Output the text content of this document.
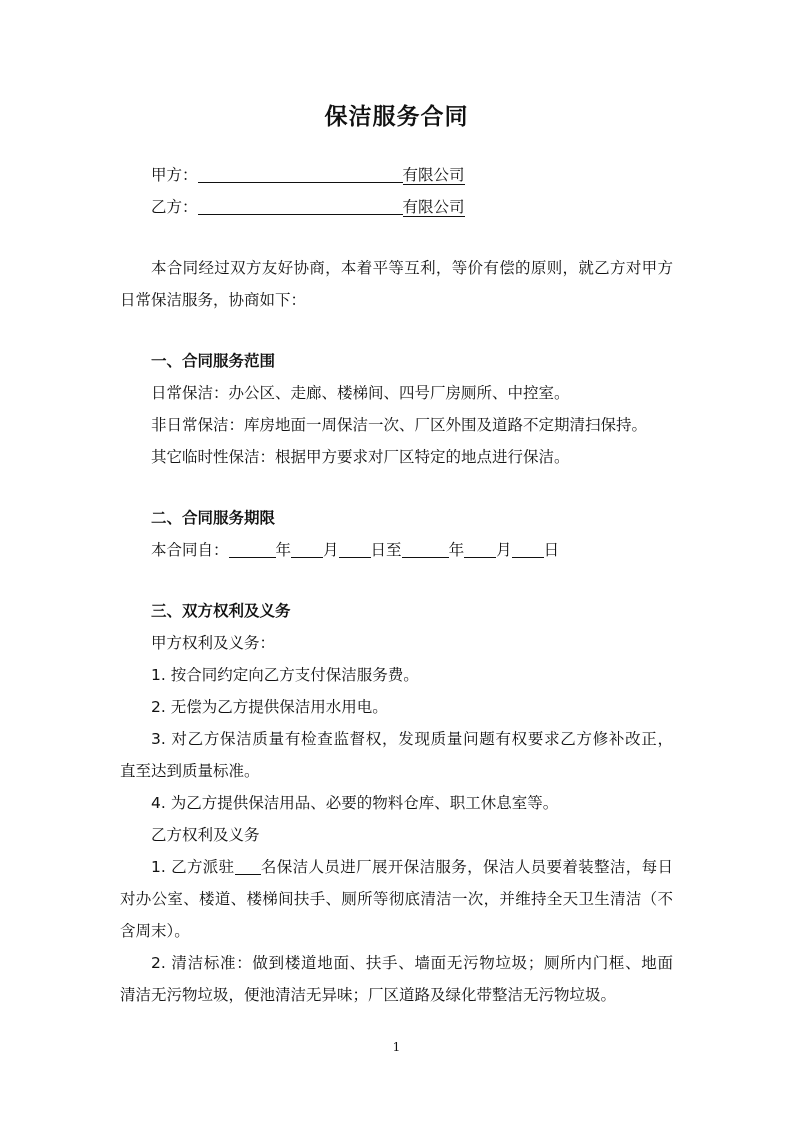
保洁服务合同
甲方：	有限公司
乙方：	有限公司
本合同经过双方友好协商，本着平等互利，等价有偿的原则，就乙方对甲方
日常保洁服务，协商如下：
一、合同服务范围
日常保洁：办公区、走廊、楼梯间、四号厂房厕所、中控室。
非日常保洁：库房地面一周保洁一次、厂区外围及道路不定期清扫保持。
其它临时性保洁：根据甲方要求对厂区特定的地点进行保洁。
二、合同服务期限
本合同自：	年 月 日至	年 月 日
三、双方权利及义务
甲方权利及义务：
1. 按合同约定向乙方支付保洁服务费。
2. 无偿为乙方提供保洁用水用电。
3. 对乙方保洁质量有检查监督权，发现质量问题有权要求乙方修补改正，
直至达到质量标准。
4. 为乙方提供保洁用品、必要的物料仓库、职工休息室等。
乙方权利及义务
1. 乙方派驻 名保洁人员进厂展开保洁服务，保洁人员要着装整洁，每日
对办公室、楼道、楼梯间扶手、厕所等彻底清洁一次，并维持全天卫生清洁（不
含周末）。
2. 清洁标准：做到楼道地面、扶手、墙面无污物垃圾；厕所内门框、地面
清洁无污物垃圾，便池清洁无异味；厂区道路及绿化带整洁无污物垃圾。
1
